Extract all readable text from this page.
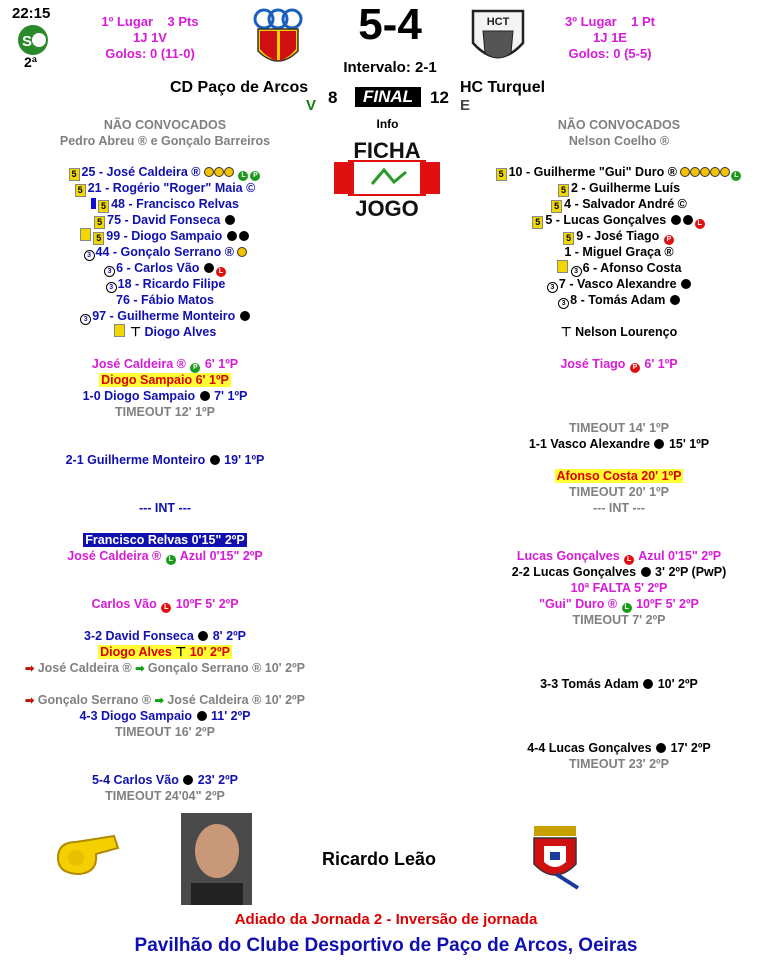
22:15
S
2ª
1º Lugar 3 Pts
1J 1V
Golos: 0 (11-0)
5-4
Intervalo: 2-1
3º Lugar 1 Pt
1J 1E
Golos: 0 (5-5)
HCT
CD Paço de Arcos
V 8	FINAL 12
HC Turquel
E
Info
FICHA
JOGO
NÃO CONVOCADOS
Pedro Abreu ® e Gonçalo Barreiros
5 25 - José Caldeira ®	L P
5 21 - Rogério "Roger" Maia ©
5 48 - Francisco Relvas
5 75 - David Fonseca
5 99 - Diogo Sampaio
3 44 - Gonçalo Serrano ®
3 6 - Carlos Vão	L
3 18 - Ricardo Filipe
76 - Fábio Matos
3 97 - Guilherme Monteiro
⊤ Diogo Alves
NÃO CONVOCADOS
Nelson Coelho ®
5 10 - Guilherme "Gui" Duro ®	L
5 2 - Guilherme Luís
5 4 - Salvador André ©
5 5 - Lucas Gonçalves	L
5 9 - José Tiago P
1 - Miguel Graça ®
3 6 - Afonso Costa
3 7 - Vasco Alexandre
3 8 - Tomás Adam
⊤ Nelson Lourenço
José Caldeira ® P 6' 1ºP
Diogo Sampaio 6' 1ºP
1-0 Diogo Sampaio 7' 1ºP
TIMEOUT 12' 1ºP
2-1 Guilherme Monteiro 19' 1ºP
--- INT ---
Francisco Relvas 0'15" 2ºP
José Caldeira ® L Azul 0'15" 2ºP
Carlos Vão L 10ºF 5' 2ºP
3-2 David Fonseca 8' 2ºP
Diogo Alves ⊤ 10' 2ºP
➡ José Caldeira ® ➡ Gonçalo Serrano ® 10' 2ºP
➡ Gonçalo Serrano ® ➡ José Caldeira ® 10' 2ºP
4-3 Diogo Sampaio 11' 2ºP
TIMEOUT 16' 2ºP
5-4 Carlos Vão 23' 2ºP
TIMEOUT 24'04" 2ºP
José Tiago P 6' 1ºP
TIMEOUT 14' 1ºP
1-1 Vasco Alexandre 15' 1ºP
Afonso Costa 20' 1ºP
TIMEOUT 20' 1ºP
--- INT ---
Lucas Gonçalves L Azul 0'15" 2ºP
2-2 Lucas Gonçalves 3' 2ºP (PwP)
10ª FALTA 5' 2ºP
"Gui" Duro ® L 10ºF 5' 2ºP
TIMEOUT 7' 2ºP
3-3 Tomás Adam 10' 2ºP
4-4 Lucas Gonçalves 17' 2ºP
TIMEOUT 23' 2ºP
Ricardo Leão
Adiado da Jornada 2 - Inversão de jornada
Pavilhão do Clube Desportivo de Paço de Arcos, Oeiras
